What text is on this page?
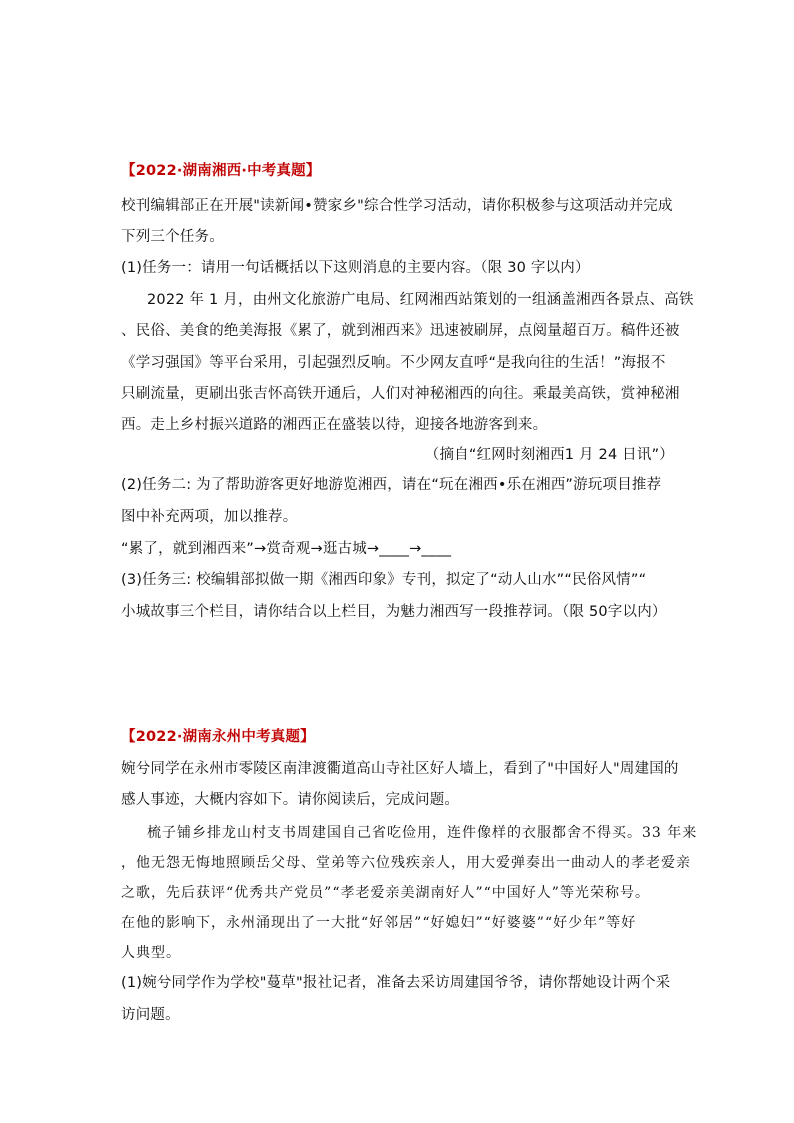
【2022·湖南湘西·中考真题】
校刊编辑部正在开展"读新闻•赞家乡"综合性学习活动，请你积极参与这项活动并完成
下列三个任务。
(1)任务一：请用一句话概括以下这则消息的主要内容。（限 30 字以内）
2022 年 1 月，由州文化旅游广电局、红网湘西站策划的一组涵盖湘西各景点、高铁
、民俗、美食的绝美海报《累了，就到湘西来》迅速被刷屏，点阅量超百万。稿件还被
《学习强国》等平台采用，引起强烈反响。不少网友直呼“是我向往的生活！”海报不
只刷流量，更刷出张吉怀高铁开通后，人们对神秘湘西的向往。乘最美高铁，赏神秘湘
西。走上乡村振兴道路的湘西正在盛装以待，迎接各地游客到来。
（摘自“红网时刻湘西1 月 24 日讯”）
(2)任务二: 为了帮助游客更好地游览湘西，请在“玩在湘西•乐在湘西”游玩项目推荐
图中补充两项，加以推荐。
“累了，就到湘西来”→赏奇观→逛古城→____→____
(3)任务三: 校编辑部拟做一期《湘西印象》专刊，拟定了“动人山水”“民俗风情”“
小城故事三个栏目，请你结合以上栏目，为魅力湘西写一段推荐词。（限 50字以内）
【2022·湖南永州中考真题】
婉兮同学在永州市零陵区南津渡衢道高山寺社区好人墙上，看到了"中国好人"周建国的
感人事迹，大概内容如下。请你阅读后，完成问题。
梳子铺乡排龙山村支书周建国自己省吃俭用，连件像样的衣服都舍不得买。33 年来
，他无怨无悔地照顾岳父母、堂弟等六位残疾亲人，用大爱弹奏出一曲动人的孝老爱亲
之歌，先后获评“优秀共产党员”“孝老爱亲美湖南好人”“中国好人”等光荣称号。
在他的影响下，永州涌现出了一大批“好邻居”“好媳妇”“好婆婆”“好少年”等好
人典型。
(1)婉兮同学作为学校"蔓草"报社记者，准备去采访周建国爷爷，请你帮她设计两个采
访问题。
